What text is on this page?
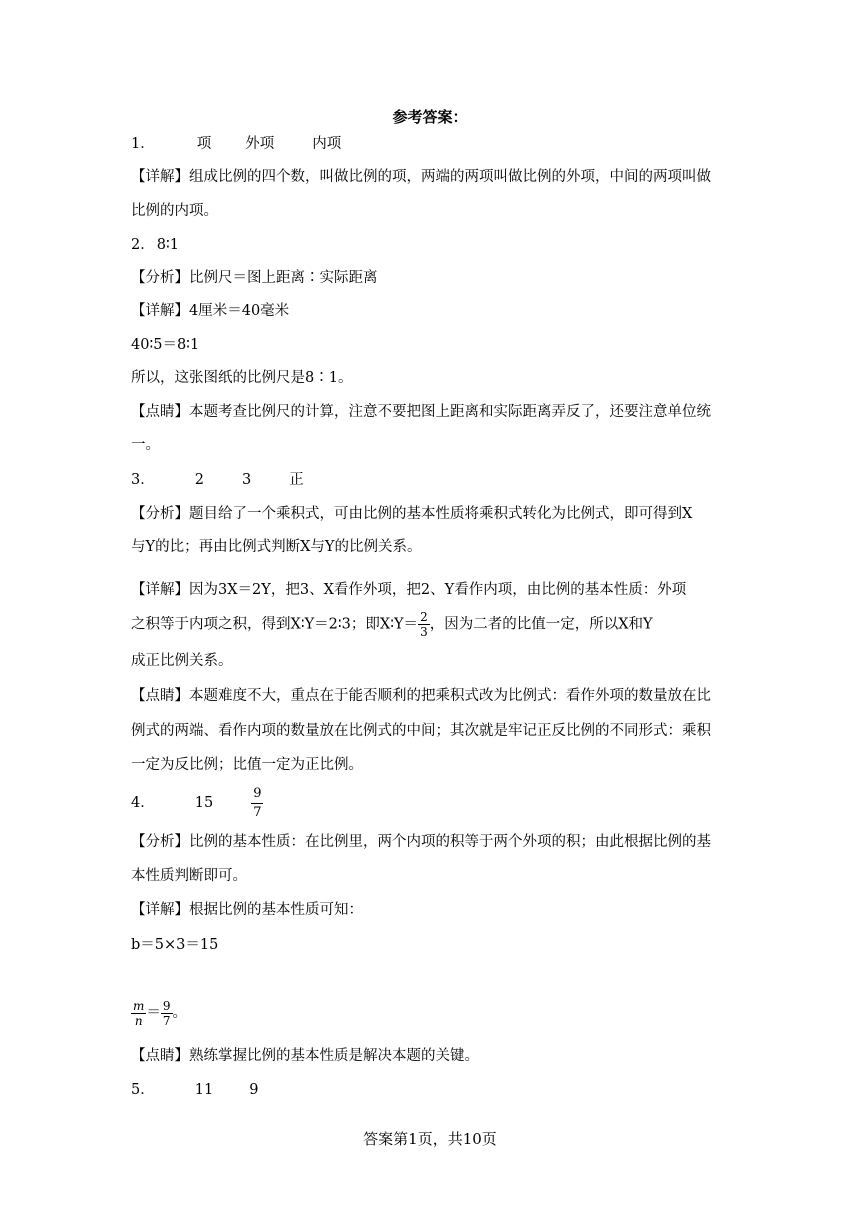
参考答案：
1．	项 外项	内项
【详解】组成比例的四个数，叫做比例的项，两端的两项叫做比例的外项，中间的两项叫做
比例的内项。
2． 8∶1
【分析】比例尺＝图上距离∶实际距离
【详解】4厘米＝40毫米
40∶5＝8∶1
所以，这张图纸的比例尺是8∶1。
【点睛】本题考查比例尺的计算，注意不要把图上距离和实际距离弄反了，还要注意单位统
一。
3．	2	3	正
【分析】题目给了一个乘积式，可由比例的基本性质将乘积式转化为比例式，即可得到X
与Y的比；再由比例式判断X与Y的比例关系。
【详解】因为3X＝2Y，把3、X看作外项，把2、Y看作内项，由比例的基本性质：外项
之积等于内项之积，得到X∶Y＝2∶3；即X∶Y＝ $\frac{2}{3}$ ，因为二者的比值一定，所以X和Y
成正比例关系。
【点睛】本题难度不大，重点在于能否顺利的把乘积式改为比例式：看作外项的数量放在比
例式的两端、看作内项的数量放在比例式的中间；其次就是牢记正反比例的不同形式：乘积
一定为反比例；比值一定为正比例。
4．	15	$\frac{9}{7}$
【分析】比例的基本性质：在比例里，两个内项的积等于两个外项的积；由此根据比例的基
本性质判断即可。
【详解】根据比例的基本性质可知：
b＝5×3＝15
$\frac{m}{n} = \frac{9}{7}$ 。
【点睛】熟练掌握比例的基本性质是解决本题的关键。
5．	11 9
答案第1页，共10页
